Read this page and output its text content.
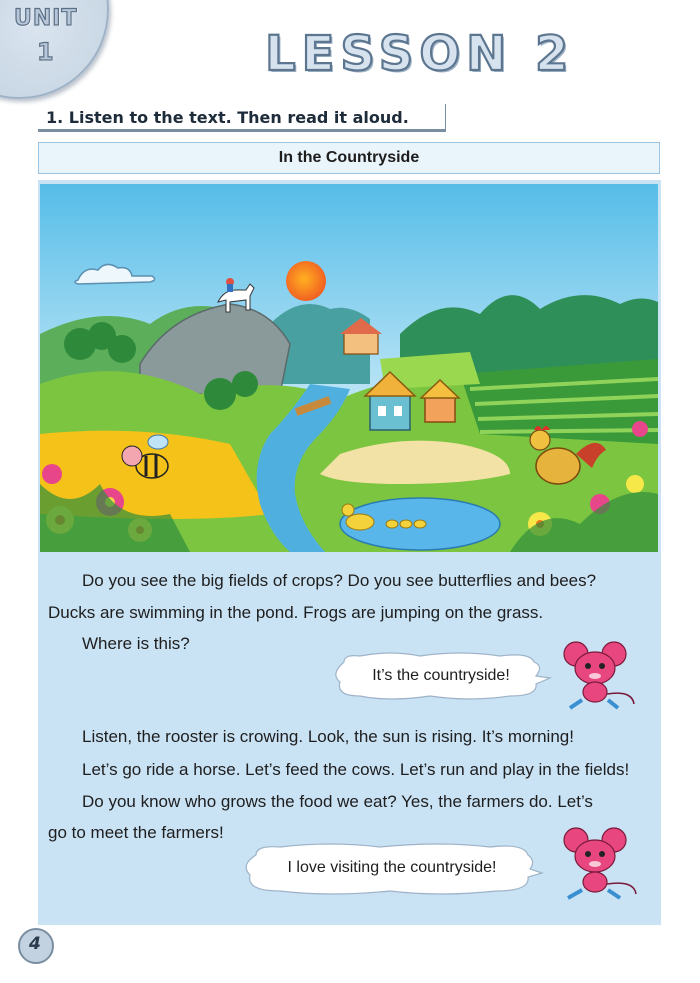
UNIT
1	LESSON 2
1. Listen to the text. Then read it aloud.
In the Countryside

Do you see the big fields of crops? Do you see butterflies and bees?

Ducks are swimming in the pond. Frogs are jumping on the grass.

Where is this?

It’s the countryside!

Listen, the rooster is crowing. Look, the sun is rising. It’s morning!

Let’s go ride a horse. Let’s feed the cows. Let’s run and play in the fields!

Do you know who grows the food we eat? Yes, the farmers do. Let’s

go to meet the farmers!

I love visiting the countryside!
4
